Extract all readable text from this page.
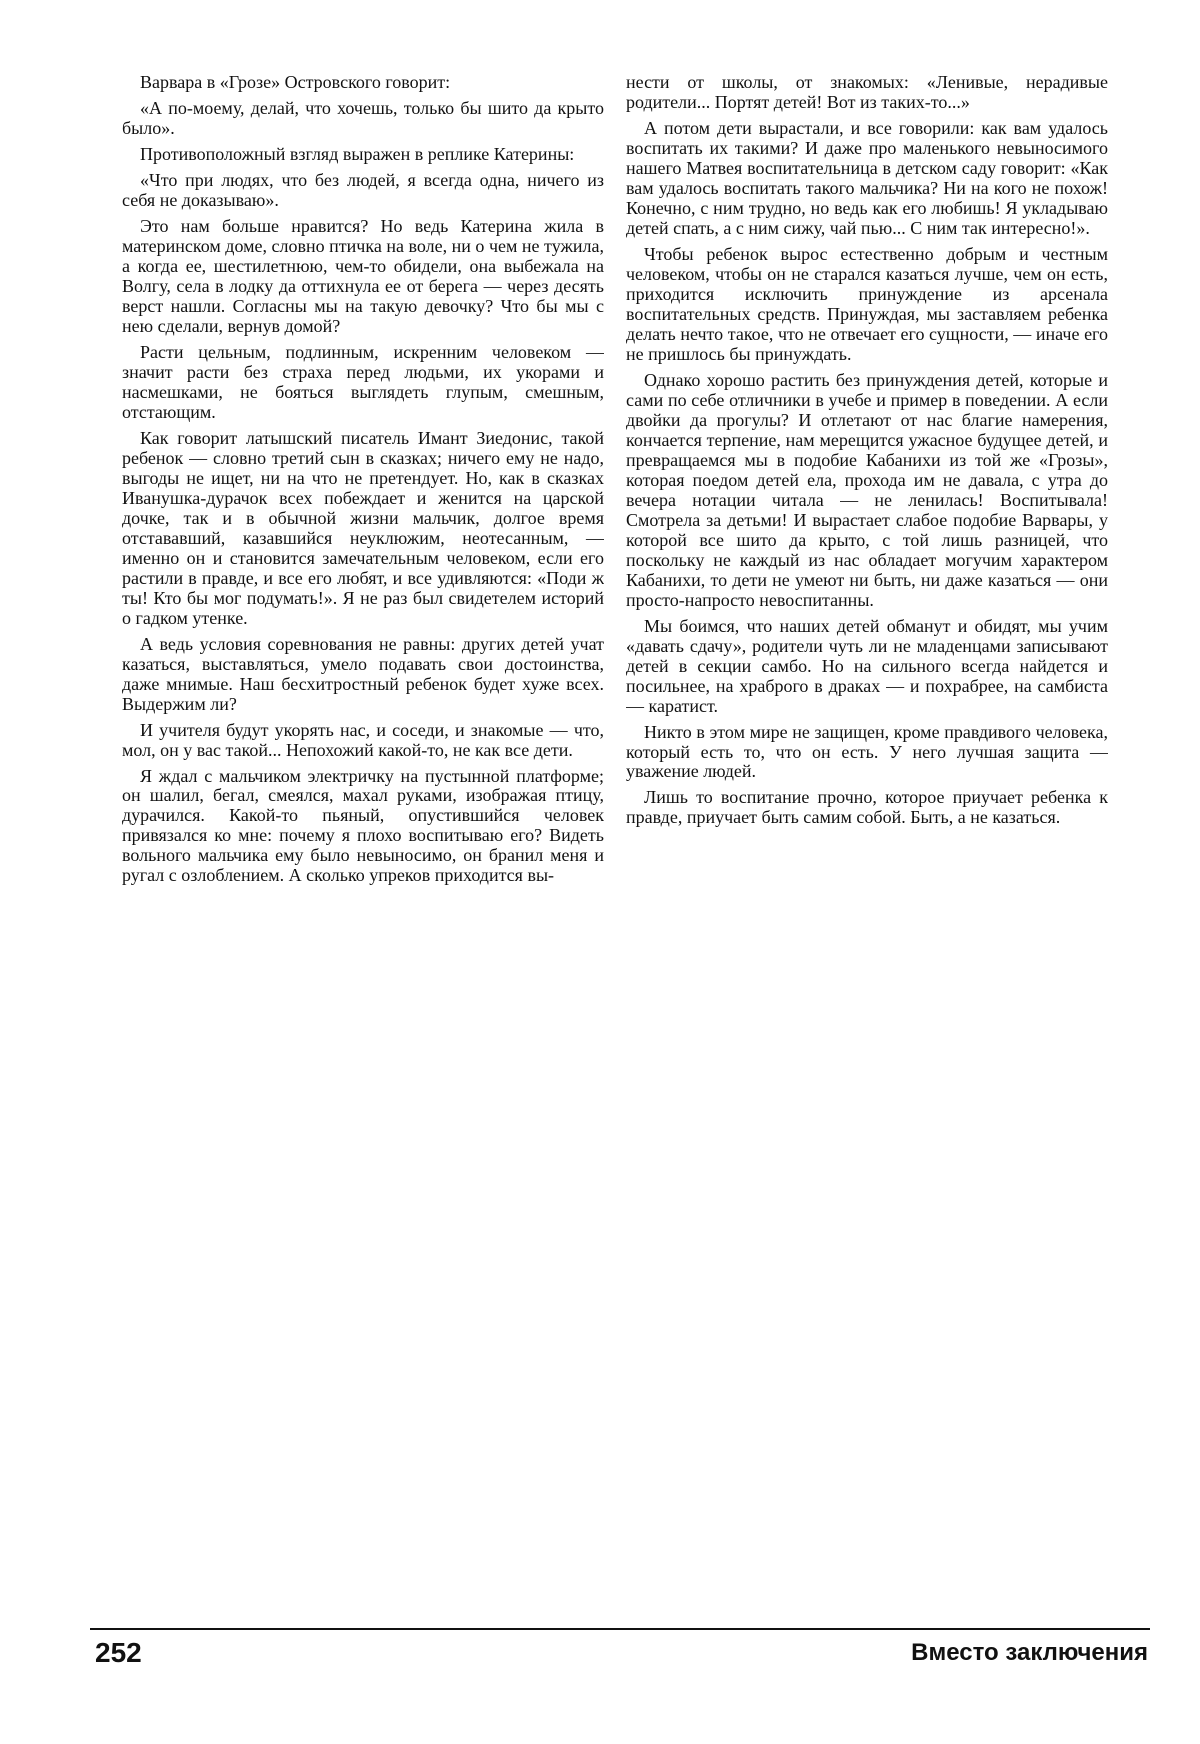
Варвара в «Грозе» Островского говорит:

«А по-моему, делай, что хочешь, только бы шито да крыто было».

Противоположный взгляд выражен в реплике Катерины:

«Что при людях, что без людей, я всегда одна, ничего из себя не доказываю».

Это нам больше нравится? Но ведь Катерина жила в материнском доме, словно птичка на воле, ни о чем не тужила, а когда ее, шестилетнюю, чем-то обидели, она выбежала на Волгу, села в лодку да оттихнула ее от берега — через десять верст нашли. Согласны мы на такую девочку? Что бы мы с нею сделали, вернув домой?

Расти цельным, подлинным, искренним человеком — значит расти без страха перед людьми, их укорами и насмешками, не бояться выглядеть глупым, смешным, отстающим.

Как говорит латышский писатель Имант Зиедонис, такой ребенок — словно третий сын в сказках; ничего ему не надо, выгоды не ищет, ни на что не претендует. Но, как в сказках Иванушка-дурачок всех побеждает и женится на царской дочке, так и в обычной жизни мальчик, долгое время отстававший, казавшийся неуклюжим, неотесанным, — именно он и становится замечательным человеком, если его растили в правде, и все его любят, и все удивляются: «Поди ж ты! Кто бы мог подумать!». Я не раз был свидетелем историй о гадком утенке.

А ведь условия соревнования не равны: других детей учат казаться, выставляться, умело подавать свои достоинства, даже мнимые. Наш бесхитростный ребенок будет хуже всех. Выдержим ли?

И учителя будут укорять нас, и соседи, и знакомые — что, мол, он у вас такой... Непохожий какой-то, не как все дети.

Я ждал с мальчиком электричку на пустынной платформе; он шалил, бегал, смеялся, махал руками, изображая птицу, дурачился. Какой-то пьяный, опустившийся человек привязался ко мне: почему я плохо воспитываю его? Видеть вольного мальчика ему было невыносимо, он бранил меня и ругал с озлоблением. А сколько упреков приходится вы-

нести от школы, от знакомых: «Ленивые, нерадивые родители... Портят детей! Вот из таких-то...»

А потом дети вырастали, и все говорили: как вам удалось воспитать их такими? И даже про маленького невыносимого нашего Матвея воспитательница в детском саду говорит: «Как вам удалось воспитать такого мальчика? Ни на кого не похож! Конечно, с ним трудно, но ведь как его любишь! Я укладываю детей спать, а с ним сижу, чай пью... С ним так интересно!».

Чтобы ребенок вырос естественно добрым и честным человеком, чтобы он не старался казаться лучше, чем он есть, приходится исключить принуждение из арсенала воспитательных средств. Принуждая, мы заставляем ребенка делать нечто такое, что не отвечает его сущности, — иначе его не пришлось бы принуждать.

Однако хорошо растить без принуждения детей, которые и сами по себе отличники в учебе и пример в поведении. А если двойки да прогулы? И отлетают от нас благие намерения, кончается терпение, нам мерещится ужасное будущее детей, и превращаемся мы в подобие Кабанихи из той же «Грозы», которая поедом детей ела, прохода им не давала, с утра до вечера нотации читала — не ленилась! Воспитывала! Смотрела за детьми! И вырастает слабое подобие Варвары, у которой все шито да крыто, с той лишь разницей, что поскольку не каждый из нас обладает могучим характером Кабанихи, то дети не умеют ни быть, ни даже казаться — они просто-напросто невоспитанны.

Мы боимся, что наших детей обманут и обидят, мы учим «давать сдачу», родители чуть ли не младенцами записывают детей в секции самбо. Но на сильного всегда найдется и посильнее, на храброго в драках — и похрабрее, на самбиста — каратист.

Никто в этом мире не защищен, кроме правдивого человека, который есть то, что он есть. У него лучшая защита — уважение людей.

Лишь то воспитание прочно, которое приучает ребенка к правде, приучает быть самим собой. Быть, а не казаться.

252	Вместо заключения
